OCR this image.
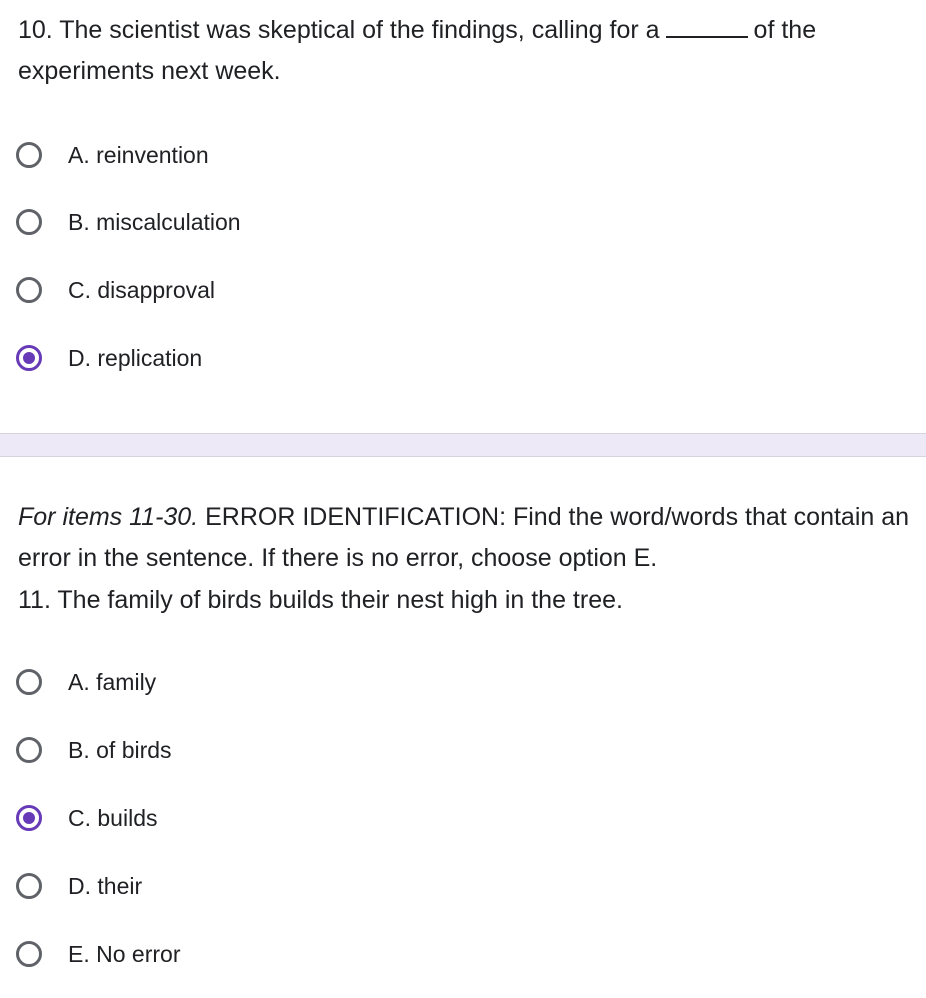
10. The scientist was skeptical of the findings, calling for a	of the experiments next week.
A. reinvention
B. miscalculation
C. disapproval
D. replication
For items 11-30. ERROR IDENTIFICATION: Find the word/words that contain an error in the sentence. If there is no error, choose option E.
11. The family of birds builds their nest high in the tree.
A. family
B. of birds
C. builds
D. their
E. No error
